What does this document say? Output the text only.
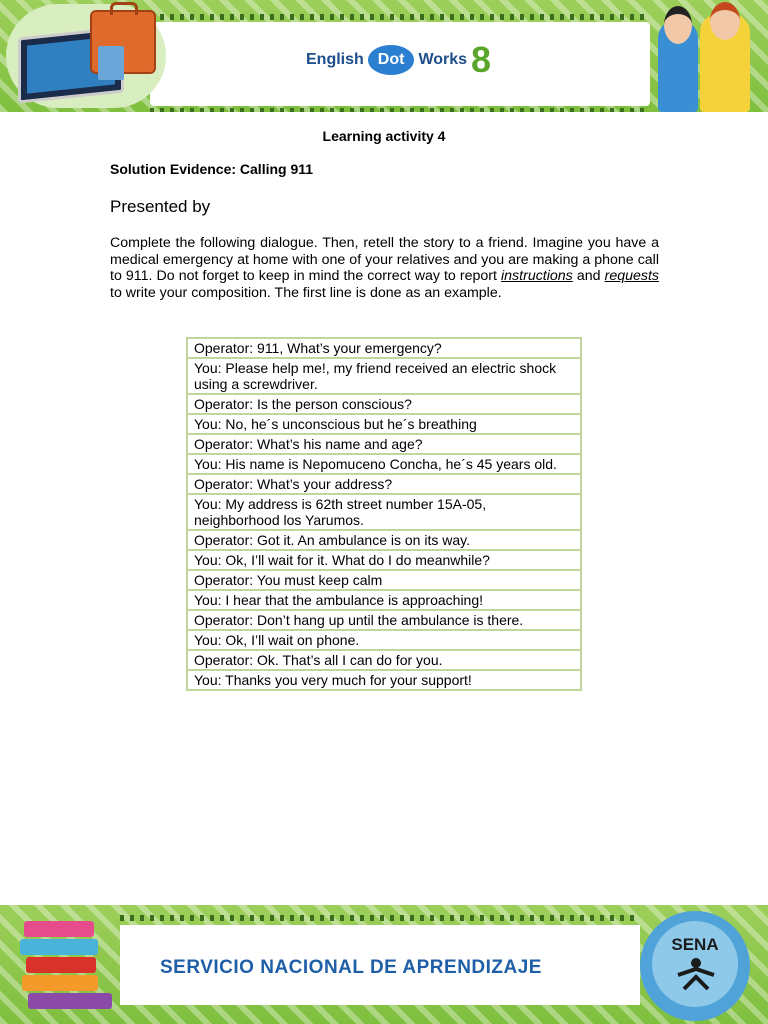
English Dot Works 8
Learning activity 4
Solution Evidence: Calling 911
Presented by
Complete the following dialogue. Then, retell the story to a friend. Imagine you have a medical emergency at home with one of your relatives and you are making a phone call to 911. Do not forget to keep in mind the correct way to report instructions and requests to write your composition. The first line is done as an example.
Operator: 911, What’s your emergency?
You: Please help me!, my friend received an electric shock using a screwdriver.
Operator: Is the person conscious?
You: No, he´s unconscious but he´s breathing
Operator: What’s his name and age?
You: His name is Nepomuceno Concha, he´s 45 years old.
Operator: What’s your address?
You: My address is 62th street number 15A-05, neighborhood los Yarumos.
Operator: Got it. An ambulance is on its way.
You: Ok, I’ll wait for it. What do I do meanwhile?
Operator: You must keep calm
You: I hear that the ambulance is approaching!
Operator: Don’t hang up until the ambulance is there.
You: Ok, I’ll wait on phone.
Operator: Ok. That’s all I can do for you.
You: Thanks you very much for your support!
SERVICIO NACIONAL DE APRENDIZAJE
SENA
